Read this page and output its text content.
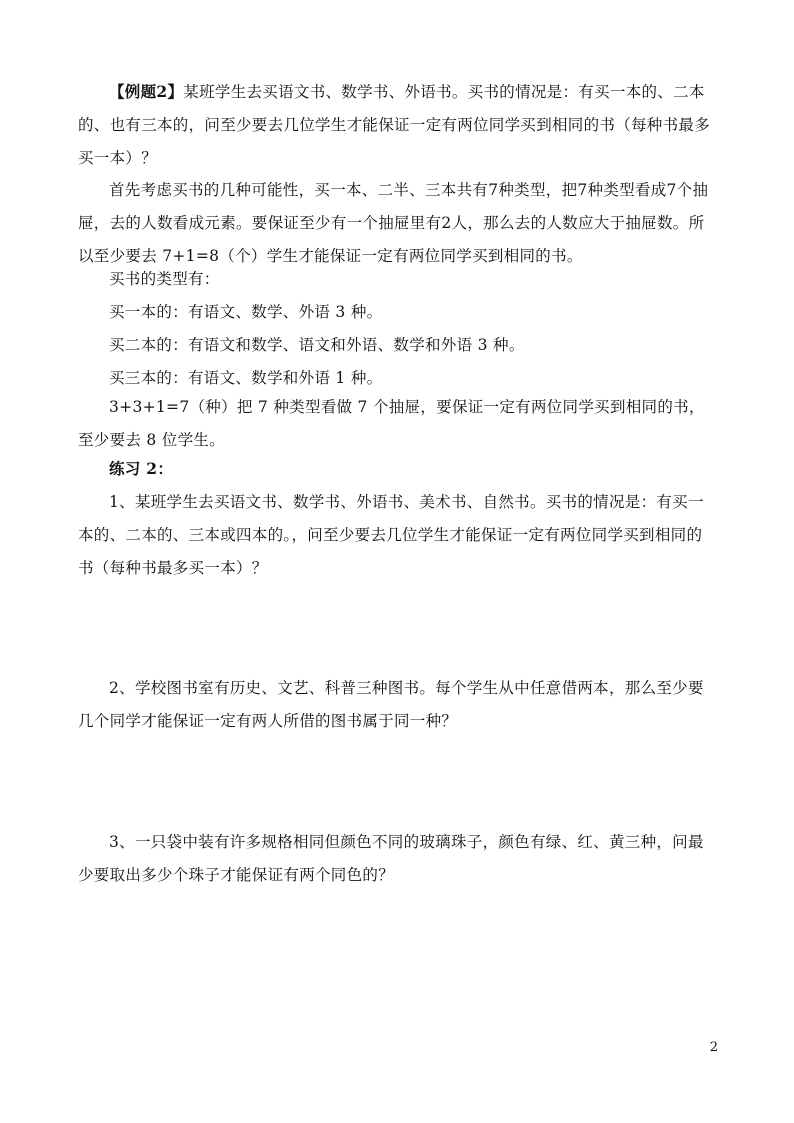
【例题2】某班学生去买语文书、数学书、外语书。买书的情况是：有买一本的、二本的、也有三本的，问至少要去几位学生才能保证一定有两位同学买到相同的书（每种书最多买一本）？

首先考虑买书的几种可能性，买一本、二半、三本共有7种类型，把7种类型看成7个抽屉，去的人数看成元素。要保证至少有一个抽屉里有2人，那么去的人数应大于抽屉数。所以至少要去 7+1=8（个）学生才能保证一定有两位同学买到相同的书。

买书的类型有：

买一本的：有语文、数学、外语 3 种。

买二本的：有语文和数学、语文和外语、数学和外语 3 种。

买三本的：有语文、数学和外语 1 种。

3+3+1=7（种）把 7 种类型看做 7 个抽屉，要保证一定有两位同学买到相同的书，至少要去 8 位学生。

练习 2：

1、某班学生去买语文书、数学书、外语书、美术书、自然书。买书的情况是：有买一本的、二本的、三本或四本的。，问至少要去几位学生才能保证一定有两位同学买到相同的书（每种书最多买一本）？

2、学校图书室有历史、文艺、科普三种图书。每个学生从中任意借两本，那么至少要几个同学才能保证一定有两人所借的图书属于同一种？

3、一只袋中装有许多规格相同但颜色不同的玻璃珠子，颜色有绿、红、黄三种，问最少要取出多少个珠子才能保证有两个同色的？

2
